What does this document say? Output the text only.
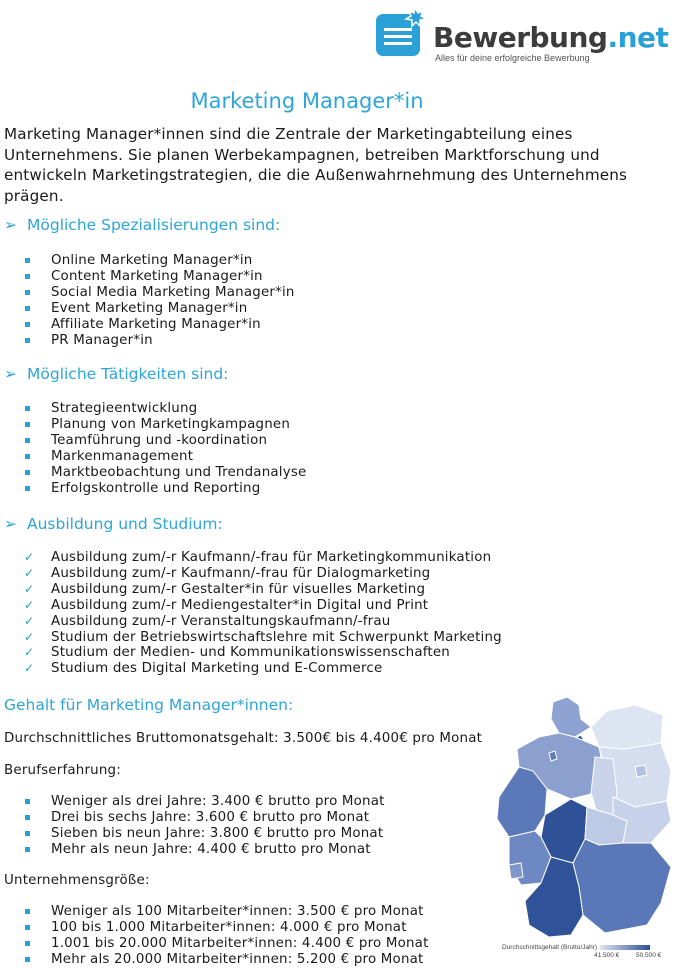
Bewerbung.net
Alles für deine erfolgreiche Bewerbung
Marketing Manager*in
Marketing Manager*innen sind die Zentrale der Marketingabteilung eines Unternehmens. Sie planen Werbekampagnen, betreiben Marktforschung und entwickeln Marketingstrategien, die die Außenwahrnehmung des Unternehmens prägen.
➢ Mögliche Spezialisierungen sind:
Online Marketing Manager*in
Content Marketing Manager*in
Social Media Marketing Manager*in
Event Marketing Manager*in
Affiliate Marketing Manager*in
PR Manager*in
➢ Mögliche Tätigkeiten sind:
Strategieentwicklung
Planung von Marketingkampagnen
Teamführung und -koordination
Markenmanagement
Marktbeobachtung und Trendanalyse
Erfolgskontrolle und Reporting
➢ Ausbildung und Studium:
✓ Ausbildung zum/-r Kaufmann/-frau für Marketingkommunikation
✓ Ausbildung zum/-r Kaufmann/-frau für Dialogmarketing
✓ Ausbildung zum/-r Gestalter*in für visuelles Marketing
✓ Ausbildung zum/-r Mediengestalter*in Digital und Print
✓ Ausbildung zum/-r Veranstaltungskaufmann/-frau
✓ Studium der Betriebswirtschaftslehre mit Schwerpunkt Marketing
✓ Studium der Medien- und Kommunikationswissenschaften
✓ Studium des Digital Marketing und E-Commerce
Gehalt für Marketing Manager*innen:
Durchschnittliches Bruttomonatsgehalt: 3.500€ bis 4.400€ pro Monat
Berufserfahrung:
Weniger als drei Jahre: 3.400 € brutto pro Monat
Drei bis sechs Jahre: 3.600 € brutto pro Monat
Sieben bis neun Jahre: 3.800 € brutto pro Monat
Mehr als neun Jahre: 4.400 € brutto pro Monat
Unternehmensgröße:
Weniger als 100 Mitarbeiter*innen: 3.500 € pro Monat
100 bis 1.000 Mitarbeiter*innen: 4.000 € pro Monat
1.001 bis 20.000 Mitarbeiter*innen: 4.400 € pro Monat
Mehr als 20.000 Mitarbeiter*innen: 5.200 € pro Monat
Durchschnittsgehalt (Brutto/Jahr)
41.500 €	50.500 €
